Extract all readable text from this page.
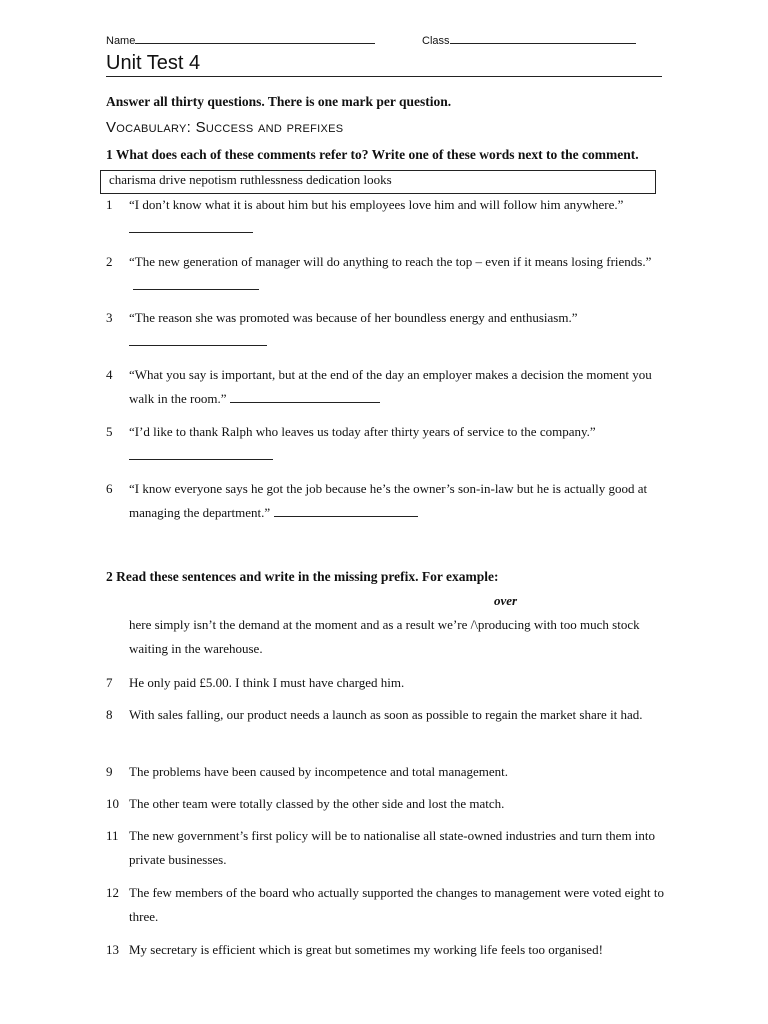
Name	Class
Unit Test 4
Answer all thirty questions. There is one mark per question.
Vocabulary: Success and prefixes
1 What does each of these comments refer to? Write one of these words next to the comment.
charisma drive nepotism ruthlessness dedication looks
1 “I don’t know what it is about him but his employees love him and will follow him anywhere.”

2 “The new generation of manager will do anything to reach the top – even if it means losing friends.”
3 “The reason she was promoted was because of her boundless energy and enthusiasm.”

4 “What you say is important, but at the end of the day an employer makes a decision the moment you walk in the room.”
5 “I’d like to thank Ralph who leaves us today after thirty years of service to the company.”

6 “I know everyone says he got the job because he’s the owner’s son-in-law but he is actually good at managing the department.”
2 Read these sentences and write in the missing prefix. For example:
over
here simply isn’t the demand at the moment and as a result we’re /\producing with too much stock waiting in the warehouse.
7 He only paid £5.00. I think I must have charged him.
8 With sales falling, our product needs a launch as soon as possible to regain the market share it had.
9 The problems have been caused by incompetence and total management.
10 The other team were totally classed by the other side and lost the match.
11 The new government’s first policy will be to nationalise all state-owned industries and turn them into private businesses.
12 The few members of the board who actually supported the changes to management were voted eight to three.
13 My secretary is efficient which is great but sometimes my working life feels too organised!
